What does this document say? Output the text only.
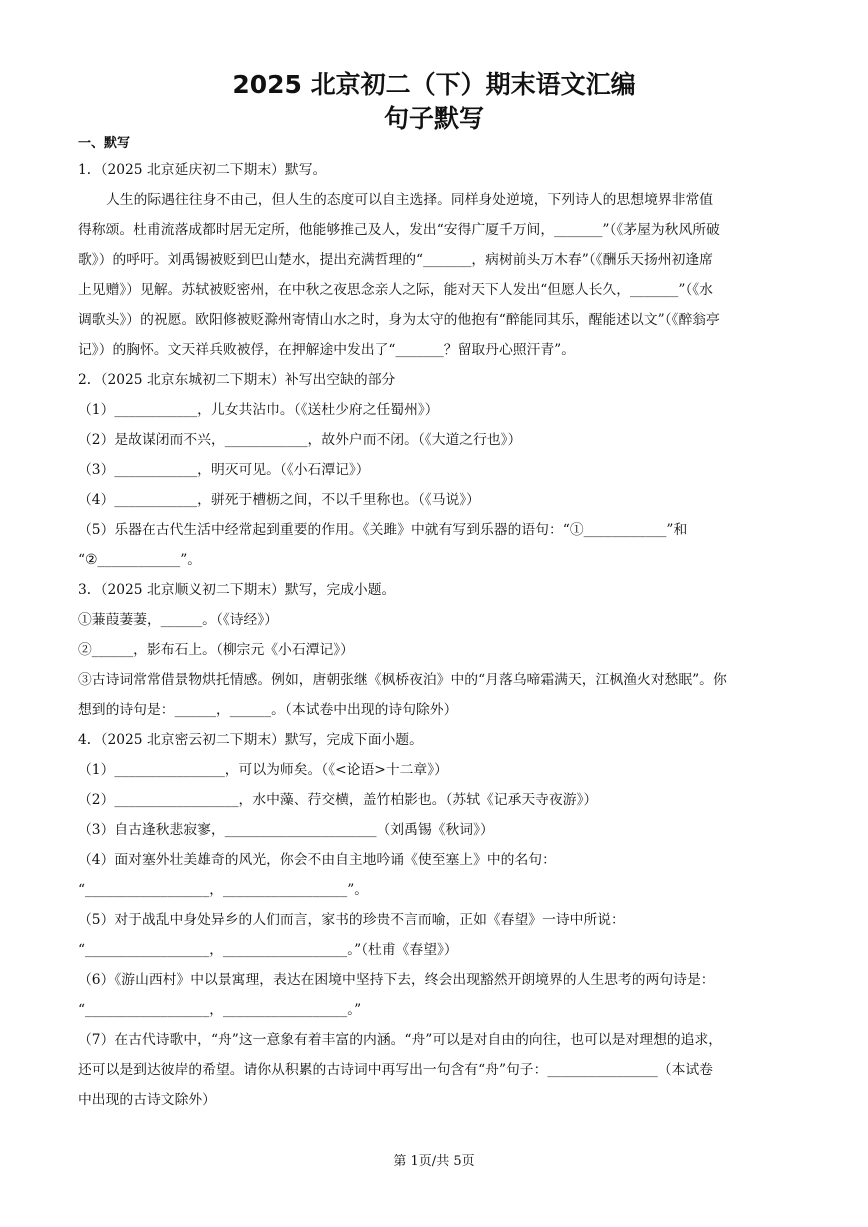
2025 北京初二（下）期末语文汇编
句子默写
一、默写
1．（2025 北京延庆初二下期末）默写。
人生的际遇往往身不由己，但人生的态度可以自主选择。同样身处逆境，下列诗人的思想境界非常值
得称颂。杜甫流落成都时居无定所，他能够推己及人，发出“安得广厦千万间，_______”（《茅屋为秋风所破
歌》）的呼吁。刘禹锡被贬到巴山楚水，提出充满哲理的“_______，病树前头万木春”（《酬乐天扬州初逢席
上见赠》）见解。苏轼被贬密州，在中秋之夜思念亲人之际，能对天下人发出“但愿人长久，_______”（《水
调歌头》）的祝愿。欧阳修被贬滁州寄情山水之时，身为太守的他抱有“醉能同其乐，醒能述以文”（《醉翁亭
记》）的胸怀。文天祥兵败被俘，在押解途中发出了“_______？留取丹心照汗青”。
2．（2025 北京东城初二下期末）补写出空缺的部分
（1）____________，儿女共沾巾。（《送杜少府之任蜀州》）
（2）是故谋闭而不兴，____________，故外户而不闭。（《大道之行也》）
（3）____________，明灭可见。（《小石潭记》）
（4）____________，骈死于槽枥之间，不以千里称也。（《马说》）
（5）乐器在古代生活中经常起到重要的作用。《关雎》中就有写到乐器的语句：“①____________”和
“②____________”。
3．（2025 北京顺义初二下期末）默写，完成小题。
①蒹葭萋萋，______。（《诗经》）
②______，影布石上。（柳宗元《小石潭记》）
③古诗词常常借景物烘托情感。例如，唐朝张继《枫桥夜泊》中的“月落乌啼霜满天，江枫渔火对愁眠”。你
想到的诗句是：______，______。（本试卷中出现的诗句除外）
4．（2025 北京密云初二下期末）默写，完成下面小题。
（1）________________，可以为师矣。（《<论语>十二章》）
（2）__________________，水中藻、荇交横，盖竹柏影也。（苏轼《记承天寺夜游》）
（3）自古逢秋悲寂寥，______________________（刘禹锡《秋词》）
（4）面对塞外壮美雄奇的风光，你会不由自主地吟诵《使至塞上》中的名句：
“__________________，__________________”。
（5）对于战乱中身处异乡的人们而言，家书的珍贵不言而喻，正如《春望》一诗中所说：
“__________________，__________________。”（杜甫《春望》）
（6）《游山西村》中以景寓理，表达在困境中坚持下去，终会出现豁然开朗境界的人生思考的两句诗是：
“__________________，__________________。”
（7）在古代诗歌中，“舟”这一意象有着丰富的内涵。“舟”可以是对自由的向往，也可以是对理想的追求，
还可以是到达彼岸的希望。请你从积累的古诗词中再写出一句含有“舟”句子：________________（本试卷
中出现的古诗文除外）
第 1页/共 5页
